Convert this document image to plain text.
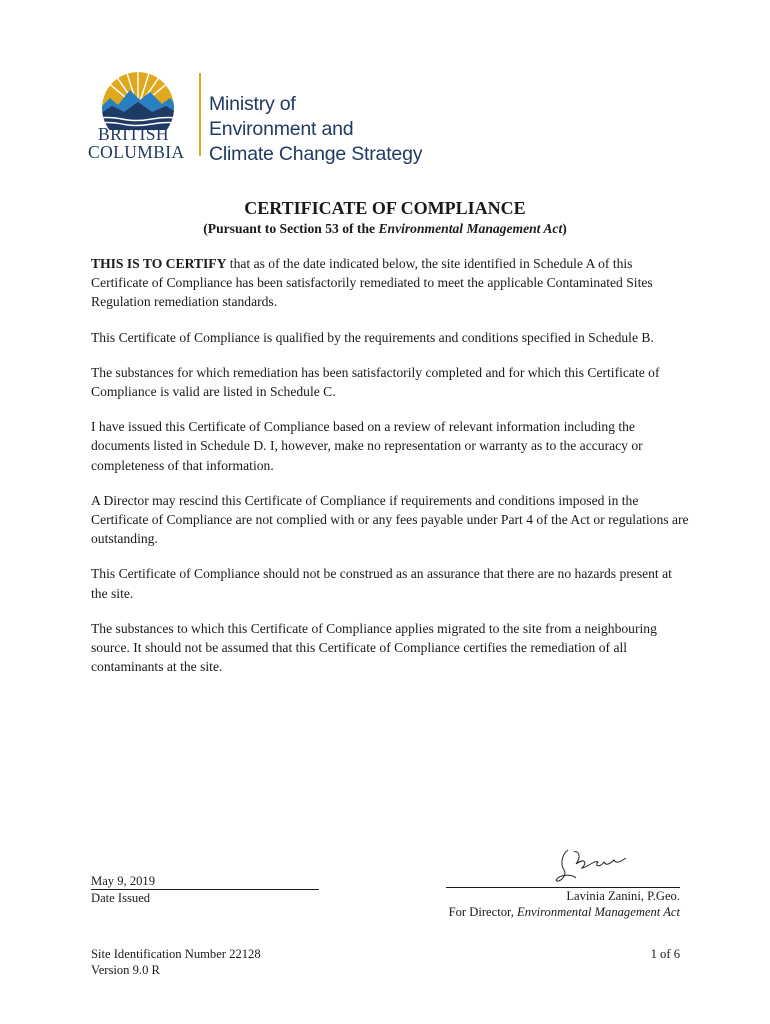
BRITISH
COLUMBIA
Ministry of
Environment and
Climate Change Strategy
CERTIFICATE OF COMPLIANCE
(Pursuant to Section 53 of the Environmental Management Act)

THIS IS TO CERTIFY that as of the date indicated below, the site identified in Schedule A of this Certificate of Compliance has been satisfactorily remediated to meet the applicable Contaminated Sites Regulation remediation standards.

This Certificate of Compliance is qualified by the requirements and conditions specified in Schedule B.

The substances for which remediation has been satisfactorily completed and for which this Certificate of Compliance is valid are listed in Schedule C.

I have issued this Certificate of Compliance based on a review of relevant information including the documents listed in Schedule D. I, however, make no representation or warranty as to the accuracy or completeness of that information.

A Director may rescind this Certificate of Compliance if requirements and conditions imposed in the Certificate of Compliance are not complied with or any fees payable under Part 4 of the Act or regulations are outstanding.

This Certificate of Compliance should not be construed as an assurance that there are no hazards present at the site.

The substances to which this Certificate of Compliance applies migrated to the site from a neighbouring source. It should not be assumed that this Certificate of Compliance certifies the remediation of all contaminants at the site.

May 9, 2019
Date Issued	Lavinia Zanini, P.Geo.
For Director, Environmental Management Act
Site Identification Number 22128
Version 9.0 R
1 of 6
